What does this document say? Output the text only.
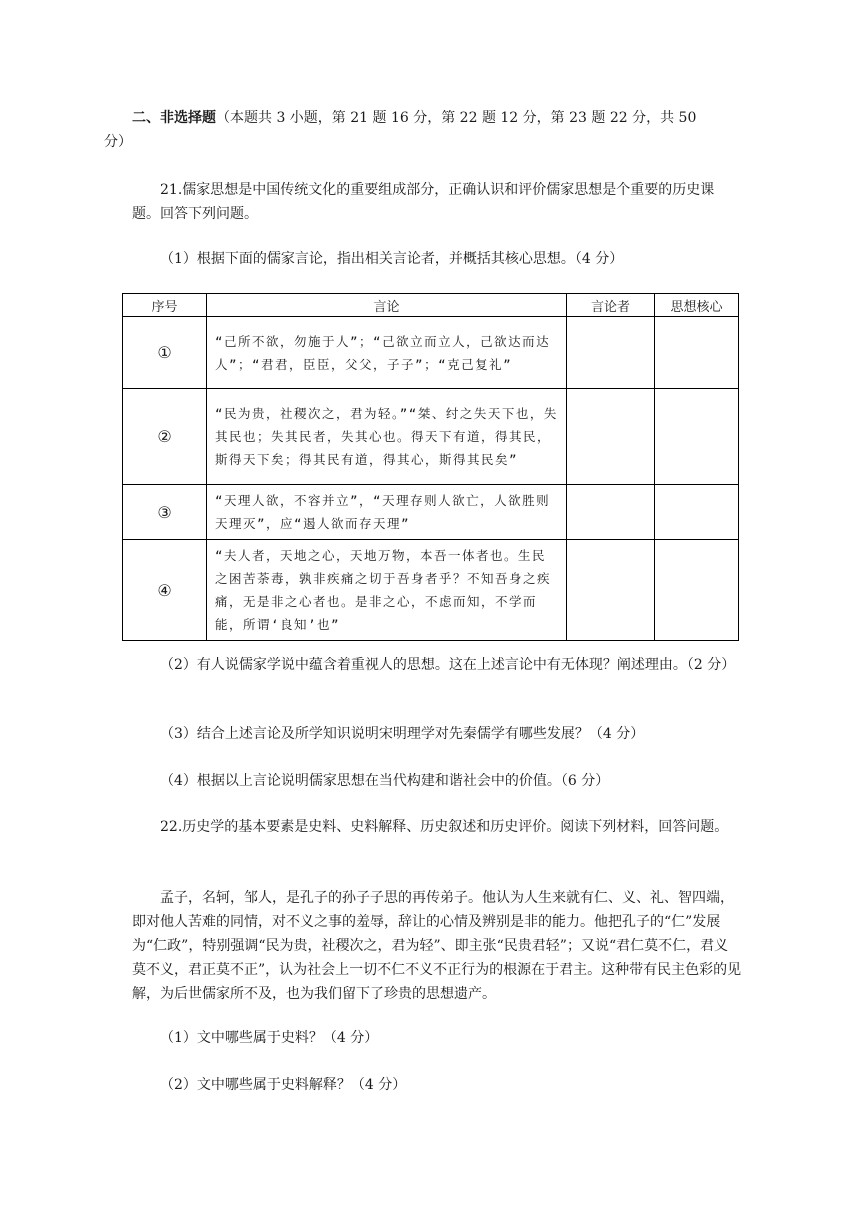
二、非选择题（本题共 3 小题，第 21 题 16 分，第 22 题 12 分，第 23 题 22 分，共 50 分）
21.儒家思想是中国传统文化的重要组成部分，正确认识和评价儒家思想是个重要的历史课题。回答下列问题。
（1）根据下面的儒家言论，指出相关言论者，并概括其核心思想。（4 分）
序号	言论	言论者	思想核心
①	“己所不欲，勿施于人”；“己欲立而立人，己欲达而达人”；“君君，臣臣，父父，子子”；“克己复礼”		
②	“民为贵，社稷次之，君为轻。”“桀、纣之失天下也，失其民也；失其民者，失其心也。得天下有道，得其民，斯得天下矣；得其民有道，得其心，斯得其民矣”		
③	“天理人欲，不容并立”，“天理存则人欲亡，人欲胜则天理灭”，应“遏人欲而存天理”		
④	“夫人者，天地之心，天地万物，本吾一体者也。生民之困苦荼毒，孰非疾痛之切于吾身者乎？不知吾身之疾痛，无是非之心者也。是非之心，不虑而知，不学而能，所谓‘良知’也”		
（2）有人说儒家学说中蕴含着重视人的思想。这在上述言论中有无体现？阐述理由。（2 分）
（3）结合上述言论及所学知识说明宋明理学对先秦儒学有哪些发展？（4 分）
（4）根据以上言论说明儒家思想在当代构建和谐社会中的价值。（6 分）
22.历史学的基本要素是史料、史料解释、历史叙述和历史评价。阅读下列材料，回答问题。
孟子，名轲，邹人，是孔子的孙子子思的再传弟子。他认为人生来就有仁、义、礼、智四端，即对他人苦难的同情，对不义之事的羞辱，辞让的心情及辨别是非的能力。他把孔子的“仁”发展为“仁政”，特别强调“民为贵，社稷次之，君为轻”、即主张“民贵君轻”；又说“君仁莫不仁，君义莫不义，君正莫不正”，认为社会上一切不仁不义不正行为的根源在于君主。这种带有民主色彩的见解，为后世儒家所不及，也为我们留下了珍贵的思想遗产。
（1）文中哪些属于史料？（4 分）
（2）文中哪些属于史料解释？（4 分）
